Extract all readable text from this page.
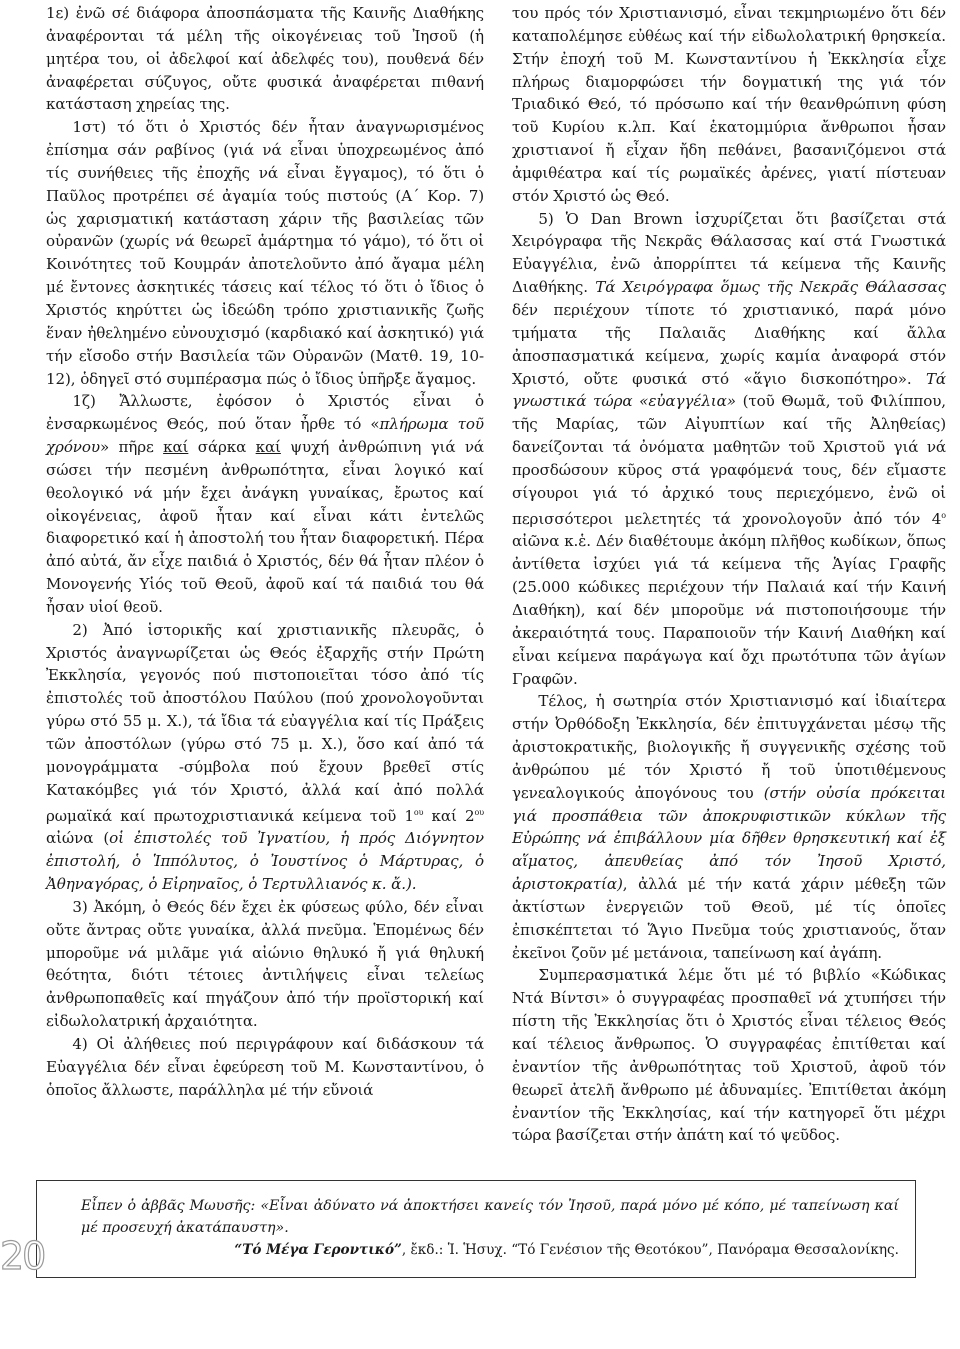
1ε) ἐνῶ σέ διάφορα ἀποσπάσματα τῆς Καινῆς Διαθήκης ἀναφέρονται τά μέλη τῆς οἰκογένειας τοῦ Ἰησοῦ (ἡ μητέρα του, οἱ ἀδελφοί καί ἀδελφές του), πουθενά δέν ἀναφέρεται σύζυγος, οὔτε φυσικά ἀναφέρεται πιθανή κατάσταση χηρείας της.

1στ) τό ὅτι ὁ Χριστός δέν ἦταν ἀναγνωρισμένος ἐπίσημα σάν ραβίνος (γιά νά εἶναι ὑποχρεωμένος ἀπό τίς συνήθειες τῆς ἐποχῆς νά εἶναι ἔγγαμος), τό ὅτι ὁ Παῦλος προτρέπει σέ ἀγαμία τούς πιστούς (Α΄ Κορ. 7) ὡς χαρισματική κατάσταση χάριν τῆς βασιλείας τῶν οὐρανῶν (χωρίς νά θεωρεῖ ἁμάρτημα τό γάμο), τό ὅτι οἱ Κοινότητες τοῦ Κουμράν ἀποτελοῦντο ἀπό ἄγαμα μέλη μέ ἔντονες ἀσκητικές τάσεις καί τέλος τό ὅτι ὁ ἴδιος ὁ Χριστός κηρύττει ὡς ἰδεώδη τρόπο χριστιανικῆς ζωῆς ἕναν ἠθελημένο εὐνουχισμό (καρδιακό καί ἀσκητικό) γιά τήν εἴσοδο στήν Βασιλεία τῶν Οὐρανῶν (Ματθ. 19, 10-12), ὁδηγεῖ στό συμπέρασμα πώς ὁ ἴδιος ὑπῆρξε ἄγαμος.

1ζ) Ἄλλωστε, ἐφόσον ὁ Χριστός εἶναι ὁ ἐνσαρκωμένος Θεός, πού ὅταν ἦρθε τό «πλήρωμα τοῦ χρόνου» πῆρε καί σάρκα καί ψυχή ἀνθρώπινη γιά νά σώσει τήν πεσμένη ἀνθρωπότητα, εἶναι λογικό καί θεολογικό νά μήν ἔχει ἀνάγκη γυναίκας, ἔρωτος καί οἰκογένειας, ἀφοῦ ἦταν καί εἶναι κάτι ἐντελῶς διαφορετικό καί ἡ ἀποστολή του ἦταν διαφορετική. Πέρα ἀπό αὐτά, ἄν εἶχε παιδιά ὁ Χριστός, δέν θά ἦταν πλέον ὁ Μονογενής Υἱός τοῦ Θεοῦ, ἀφοῦ καί τά παιδιά του θά ἦσαν υἱοί θεοῦ.

2) Ἀπό ἱστορικῆς καί χριστιανικῆς πλευρᾶς, ὁ Χριστός ἀναγνωρίζεται ὡς Θεός ἐξαρχῆς στήν Πρώτη Ἐκκλησία, γεγονός πού πιστοποιεῖται τόσο ἀπό τίς ἐπιστολές τοῦ ἀποστόλου Παύλου (πού χρονολογοῦνται γύρω στό 55 μ. Χ.), τά ἴδια τά εὐαγγέλια καί τίς Πράξεις τῶν ἀποστόλων (γύρω στό 75 μ. Χ.), ὅσο καί ἀπό τά μονογράμματα -σύμβολα πού ἔχουν βρεθεῖ στίς Κατακόμβες γιά τόν Χριστό, ἀλλά καί ἀπό πολλά ρωμαϊκά καί πρωτοχριστιανικά κείμενα τοῦ $1^{o\upsilon}$ καί $2^{o\upsilon}$ αἰώνα (οἱ ἐπιστολές τοῦ Ἰγνατίου, ἡ πρός Διόγνητον ἐπιστολή, ὁ Ἱππόλυτος, ὁ Ἰουστίνος ὁ Μάρτυρας, ὁ Ἀθηναγόρας, ὁ Εἰρηναῖος, ὁ Τερτυλλιανός κ. ἄ.).

3) Ἀκόμη, ὁ Θεός δέν ἔχει ἐκ φύσεως φύλο, δέν εἶναι οὔτε ἄντρας οὔτε γυναίκα, ἀλλά πνεῦμα. Ἑπομένως δέν μποροῦμε νά μιλᾶμε γιά αἰώνιο θηλυκό ἤ γιά θηλυκή θεότητα, διότι τέτοιες ἀντιλήψεις εἶναι τελείως ἀνθρωποπαθεῖς καί πηγάζουν ἀπό τήν προϊστορική καί εἰδωλολατρική ἀρχαιότητα.

4) Οἱ ἀλήθειες πού περιγράφουν καί διδάσκουν τά Εὐαγγέλια δέν εἶναι ἐφεύρεση τοῦ Μ. Κωνσταντίνου, ὁ ὁποῖος ἄλλωστε, παράλληλα μέ τήν εὔνοιά

του πρός τόν Χριστιανισμό, εἶναι τεκμηριωμένο ὅτι δέν καταπολέμησε εὐθέως καί τήν εἰδωλολατρική θρησκεία. Στήν ἐποχή τοῦ Μ. Κωνσταντίνου ἡ Ἐκκλησία εἶχε πλήρως διαμορφώσει τήν δογματική της γιά τόν Τριαδικό Θεό, τό πρόσωπο καί τήν θεανθρώπινη φύση τοῦ Κυρίου κ.λπ. Καί ἑκατομμύρια ἄνθρωποι ἦσαν χριστιανοί ἤ εἶχαν ἤδη πεθάνει, βασανιζόμενοι στά ἀμφιθέατρα καί τίς ρωμαϊκές ἀρένες, γιατί πίστευαν στόν Χριστό ὡς Θεό.

5) Ὁ Dan Brown ἰσχυρίζεται ὅτι βασίζεται στά Χειρόγραφα τῆς Νεκρᾶς Θάλασσας καί στά Γνωστικά Εὐαγγέλια, ἐνῶ ἀπορρίπτει τά κείμενα τῆς Καινῆς Διαθήκης. Τά Χειρόγραφα ὅμως τῆς Νεκρᾶς Θάλασσας δέν περιέχουν τίποτε τό χριστιανικό, παρά μόνο τμήματα τῆς Παλαιᾶς Διαθήκης καί ἄλλα ἀποσπασματικά κείμενα, χωρίς καμία ἀναφορά στόν Χριστό, οὔτε φυσικά στό «ἅγιο δισκοπότηρο». Τά γνωστικά τώρα «εὐαγγέλια» (τοῦ Θωμᾶ, τοῦ Φιλίππου, τῆς Μαρίας, τῶν Αἰγυπτίων καί τῆς Ἀληθείας) δανείζονται τά ὀνόματα μαθητῶν τοῦ Χριστοῦ γιά νά προσδώσουν κῦρος στά γραφόμενά τους, δέν εἴμαστε σίγουροι γιά τό ἀρχικό τους περιεχόμενο, ἐνῶ οἱ περισσότεροι μελετητές τά χρονολογοῦν ἀπό τόν $4^o$ αἰῶνα κ.ἑ. Δέν διαθέτουμε ἀκόμη πλῆθος κωδίκων, ὅπως ἀντίθετα ἰσχύει γιά τά κείμενα τῆς Ἁγίας Γραφῆς (25.000 κώδικες περιέχουν τήν Παλαιά καί τήν Καινή Διαθήκη), καί δέν μποροῦμε νά πιστοποιήσουμε τήν ἀκεραιότητά τους. Παραποιοῦν τήν Καινή Διαθήκη καί εἶναι κείμενα παράγωγα καί ὄχι πρωτότυπα τῶν ἁγίων Γραφῶν.

Τέλος, ἡ σωτηρία στόν Χριστιανισμό καί ἰδιαίτερα στήν Ὀρθόδοξη Ἐκκλησία, δέν ἐπιτυγχάνεται μέσῳ τῆς ἀριστοκρατικῆς, βιολογικῆς ἤ συγγενικῆς σχέσης τοῦ ἀνθρώπου μέ τόν Χριστό ἤ τοῦ ὑποτιθέμενους γενεαλογικούς ἀπογόνους του (στήν οὐσία πρόκειται γιά προσπάθεια τῶν ἀποκρυφιστικῶν κύκλων τῆς Εὐρώπης νά ἐπιβάλλουν μία δῆθεν θρησκευτική καί ἐξ αἵματος, ἀπευθείας ἀπό τόν Ἰησοῦ Χριστό, ἀριστοκρατία), ἀλλά μέ τήν κατά χάριν μέθεξη τῶν ἀκτίστων ἐνεργειῶν τοῦ Θεοῦ, μέ τίς ὁποῖες ἐπισκέπτεται τό Ἅγιο Πνεῦμα τούς χριστιανούς, ὅταν ἐκεῖνοι ζοῦν μέ μετάνοια, ταπείνωση καί ἀγάπη.

Συμπερασματικά λέμε ὅτι μέ τό βιβλίο «Κώδικας Ντά Βίντσι» ὁ συγγραφέας προσπαθεῖ νά χτυπήσει τήν πίστη τῆς Ἐκκλησίας ὅτι ὁ Χριστός εἶναι τέλειος Θεός καί τέλειος ἄνθρωπος. Ὁ συγγραφέας ἐπιτίθεται καί ἐναντίον τῆς ἀνθρωπότητας τοῦ Χριστοῦ, ἀφοῦ τόν θεωρεῖ ἀτελῆ ἄνθρωπο μέ ἀδυναμίες. Ἐπιτίθεται ἀκόμη ἐναντίον τῆς Ἐκκλησίας, καί τήν κατηγορεῖ ὅτι μέχρι τώρα βασίζεται στήν ἀπάτη καί τό ψεῦδος.

Εἶπεν ὁ ἀββᾶς Μωυσῆς: «Εἶναι ἀδύνατο νά ἀποκτήσει κανείς τόν Ἰησοῦ, παρά μόνο μέ κόπο, μέ ταπείνωση καί μέ προσευχή ἀκατάπαυστη».

“Τό Μέγα Γεροντικό”, ἔκδ.: Ἱ. Ἡσυχ. “Τό Γενέσιον τῆς Θεοτόκου”, Πανόραμα Θεσσαλονίκης.

20
